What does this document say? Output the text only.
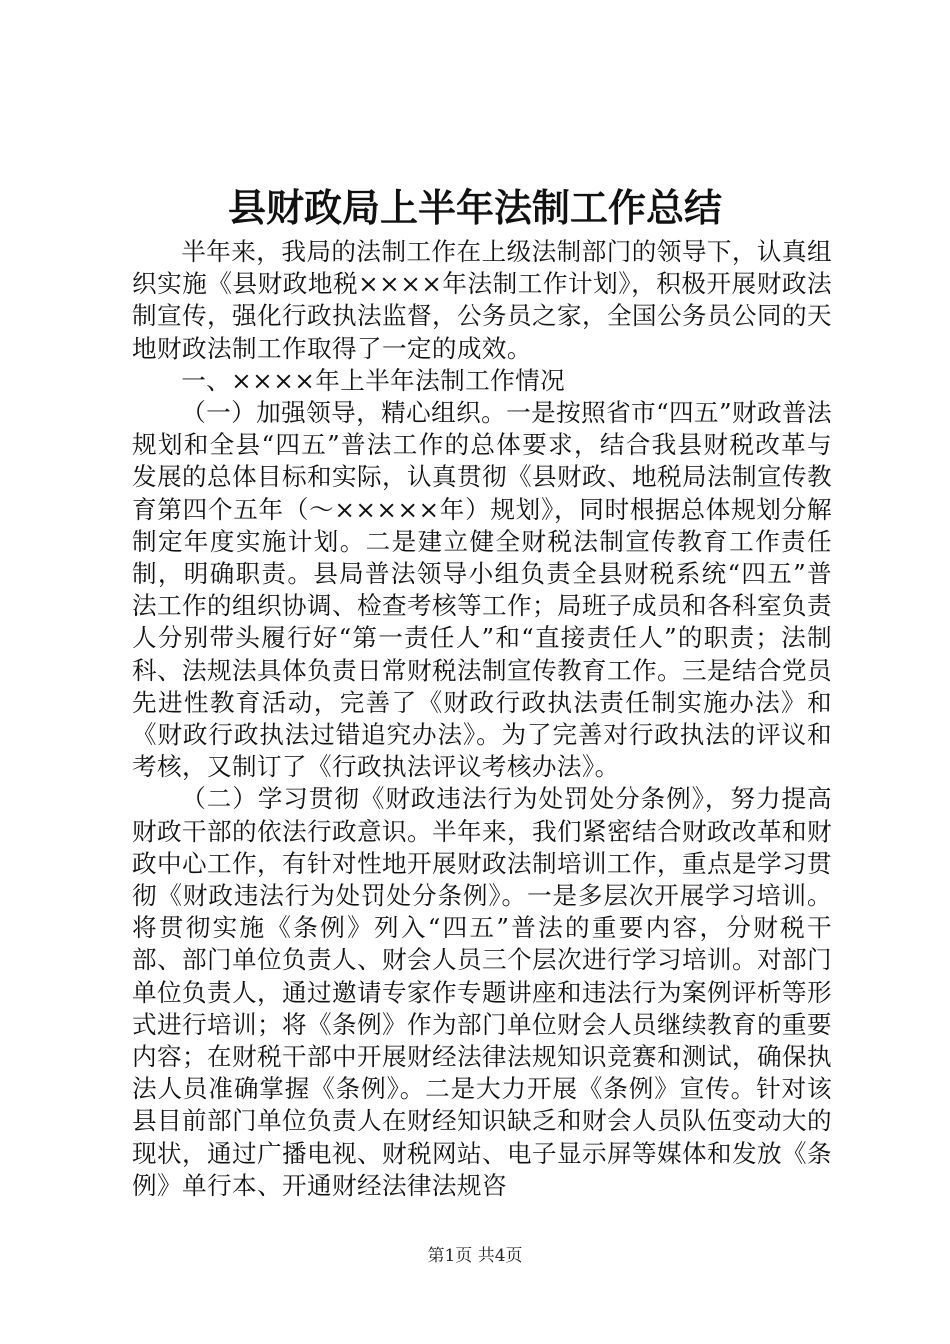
县财政局上半年法制工作总结

半年来，我局的法制工作在上级法制部门的领导下，认真组织实施《县财政地税××××年法制工作计划》，积极开展财政法制宣传，强化行政执法监督，公务员之家，全国公务员公同的天地财政法制工作取得了一定的成效。

一、××××年上半年法制工作情况

（一）加强领导，精心组织。一是按照省市“四五”财政普法规划和全县“四五”普法工作的总体要求，结合我县财税改革与发展的总体目标和实际，认真贯彻《县财政、地税局法制宣传教育第四个五年（～×××××年）规划》，同时根据总体规划分解制定年度实施计划。二是建立健全财税法制宣传教育工作责任制，明确职责。县局普法领导小组负责全县财税系统“四五”普法工作的组织协调、检查考核等工作；局班子成员和各科室负责人分别带头履行好“第一责任人”和“直接责任人”的职责；法制科、法规法具体负责日常财税法制宣传教育工作。三是结合党员先进性教育活动，完善了《财政行政执法责任制实施办法》和《财政行政执法过错追究办法》。为了完善对行政执法的评议和考核，又制订了《行政执法评议考核办法》。

（二）学习贯彻《财政违法行为处罚处分条例》，努力提高财政干部的依法行政意识。半年来，我们紧密结合财政改革和财政中心工作，有针对性地开展财政法制培训工作，重点是学习贯彻《财政违法行为处罚处分条例》。一是多层次开展学习培训。将贯彻实施《条例》列入“四五”普法的重要内容，分财税干部、部门单位负责人、财会人员三个层次进行学习培训。对部门单位负责人，通过邀请专家作专题讲座和违法行为案例评析等形式进行培训；将《条例》作为部门单位财会人员继续教育的重要内容；在财税干部中开展财经法律法规知识竞赛和测试，确保执法人员准确掌握《条例》。二是大力开展《条例》宣传。针对该县目前部门单位负责人在财经知识缺乏和财会人员队伍变动大的现状，通过广播电视、财税网站、电子显示屏等媒体和发放《条例》单行本、开通财经法律法规咨

第1页 共4页
